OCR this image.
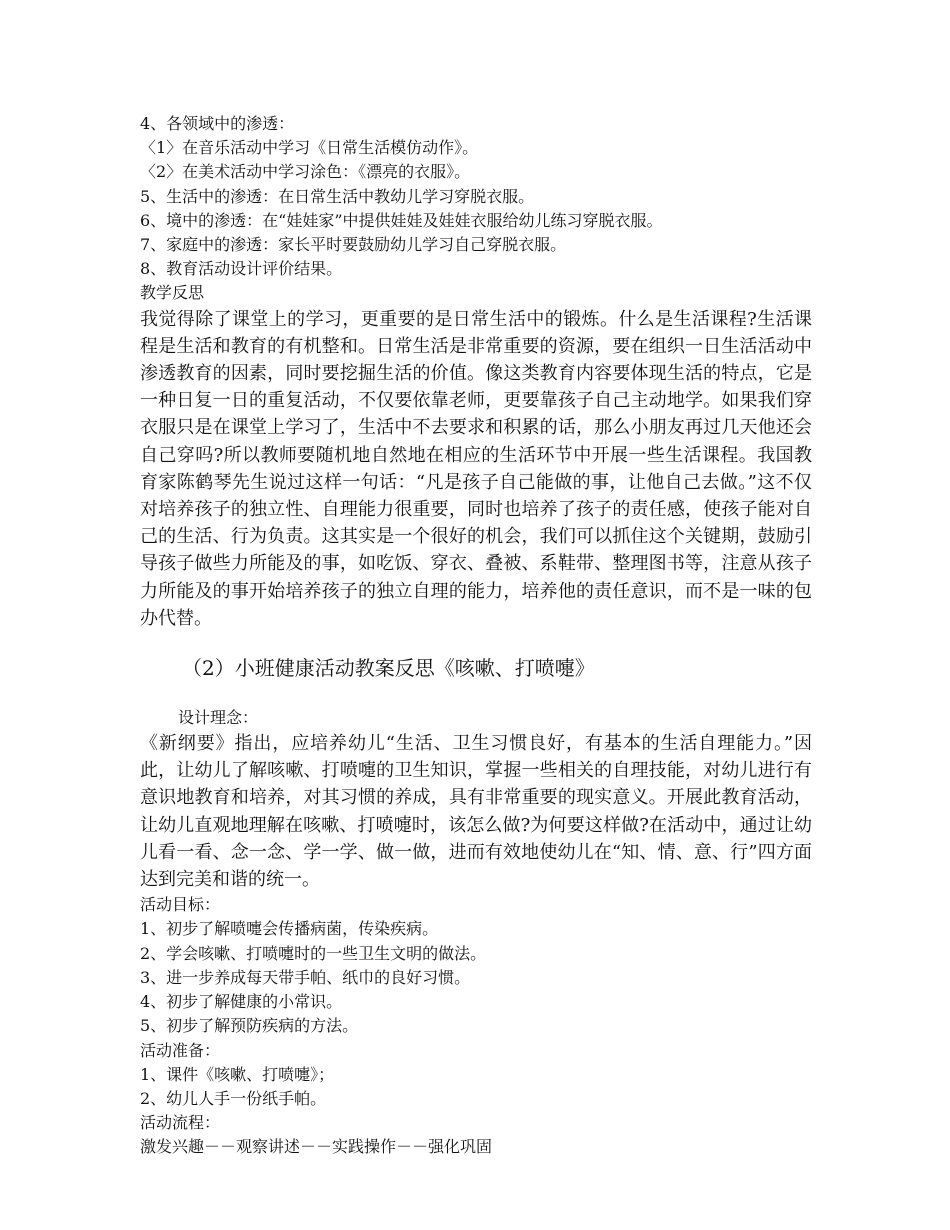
4、各领域中的渗透：

〈1〉在音乐活动中学习《日常生活模仿动作》。

〈2〉在美术活动中学习涂色：《漂亮的衣服》。

5、生活中的渗透：在日常生活中教幼儿学习穿脱衣服。

6、境中的渗透：在“娃娃家”中提供娃娃及娃娃衣服给幼儿练习穿脱衣服。

7、家庭中的渗透：家长平时要鼓励幼儿学习自己穿脱衣服。

8、教育活动设计评价结果。

教学反思

我觉得除了课堂上的学习，更重要的是日常生活中的锻炼。什么是生活课程?生活课程是生活和教育的有机整和。日常生活是非常重要的资源，要在组织一日生活活动中渗透教育的因素，同时要挖掘生活的价值。像这类教育内容要体现生活的特点，它是一种日复一日的重复活动，不仅要依靠老师，更要靠孩子自己主动地学。如果我们穿衣服只是在课堂上学习了，生活中不去要求和积累的话，那么小朋友再过几天他还会自己穿吗?所以教师要随机地自然地在相应的生活环节中开展一些生活课程。我国教育家陈鹤琴先生说过这样一句话：“凡是孩子自己能做的事，让他自己去做。”这不仅对培养孩子的独立性、自理能力很重要，同时也培养了孩子的责任感，使孩子能对自己的生活、行为负责。这其实是一个很好的机会，我们可以抓住这个关键期，鼓励引导孩子做些力所能及的事，如吃饭、穿衣、叠被、系鞋带、整理图书等，注意从孩子力所能及的事开始培养孩子的独立自理的能力，培养他的责任意识，而不是一味的包办代替。

（2）小班健康活动教案反思《咳嗽、打喷嚏》

设计理念：

《新纲要》指出，应培养幼儿“生活、卫生习惯良好，有基本的生活自理能力。”因此，让幼儿了解咳嗽、打喷嚏的卫生知识，掌握一些相关的自理技能，对幼儿进行有意识地教育和培养，对其习惯的养成，具有非常重要的现实意义。开展此教育活动，让幼儿直观地理解在咳嗽、打喷嚏时，该怎么做?为何要这样做?在活动中，通过让幼儿看一看、念一念、学一学、做一做，进而有效地使幼儿在“知、情、意、行”四方面达到完美和谐的统一。

活动目标：

1、初步了解喷嚏会传播病菌，传染疾病。

2、学会咳嗽、打喷嚏时的一些卫生文明的做法。

3、进一步养成每天带手帕、纸巾的良好习惯。

4、初步了解健康的小常识。

5、初步了解预防疾病的方法。

活动准备：

1、课件《咳嗽、打喷嚏》；

2、幼儿人手一份纸手帕。

活动流程：

激发兴趣－－观察讲述－－实践操作－－强化巩固
